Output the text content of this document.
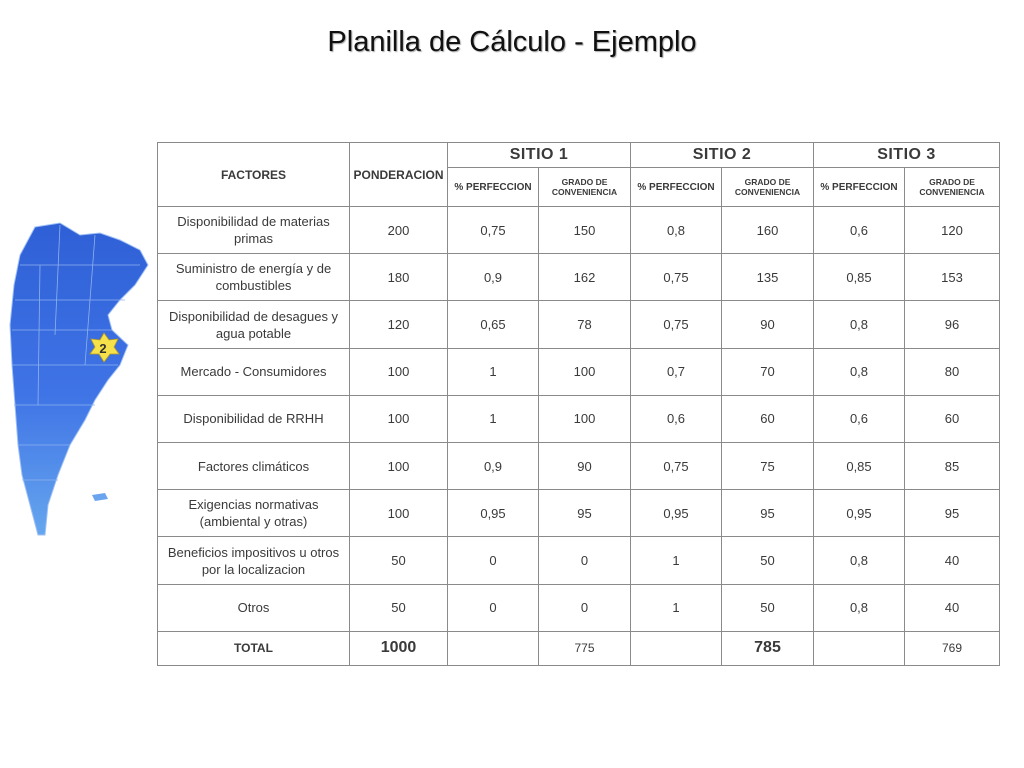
Planilla de Cálculo - Ejemplo
2
FACTORES	PONDERACION	SITIO 1		SITIO 2		SITIO 3	
		% PERFECCION	GRADO DE CONVENIENCIA	% PERFECCION	GRADO DE CONVENIENCIA	% PERFECCION	GRADO DE CONVENIENCIA
Disponibilidad de materias primas	200	0,75	150	0,8	160	0,6	120
Suministro de energía y de combustibles	180	0,9	162	0,75	135	0,85	153
Disponibilidad de desagues y agua potable	120	0,65	78	0,75	90	0,8	96
Mercado - Consumidores	100	1	100	0,7	70	0,8	80
Disponibilidad de RRHH	100	1	100	0,6	60	0,6	60
Factores climáticos	100	0,9	90	0,75	75	0,85	85
Exigencias normativas (ambiental y otras)	100	0,95	95	0,95	95	0,95	95
Beneficios impositivos u otros por la localizacion	50	0	0	1	50	0,8	40
Otros	50	0	0	1	50	0,8	40
TOTAL	1000		775		785		769
